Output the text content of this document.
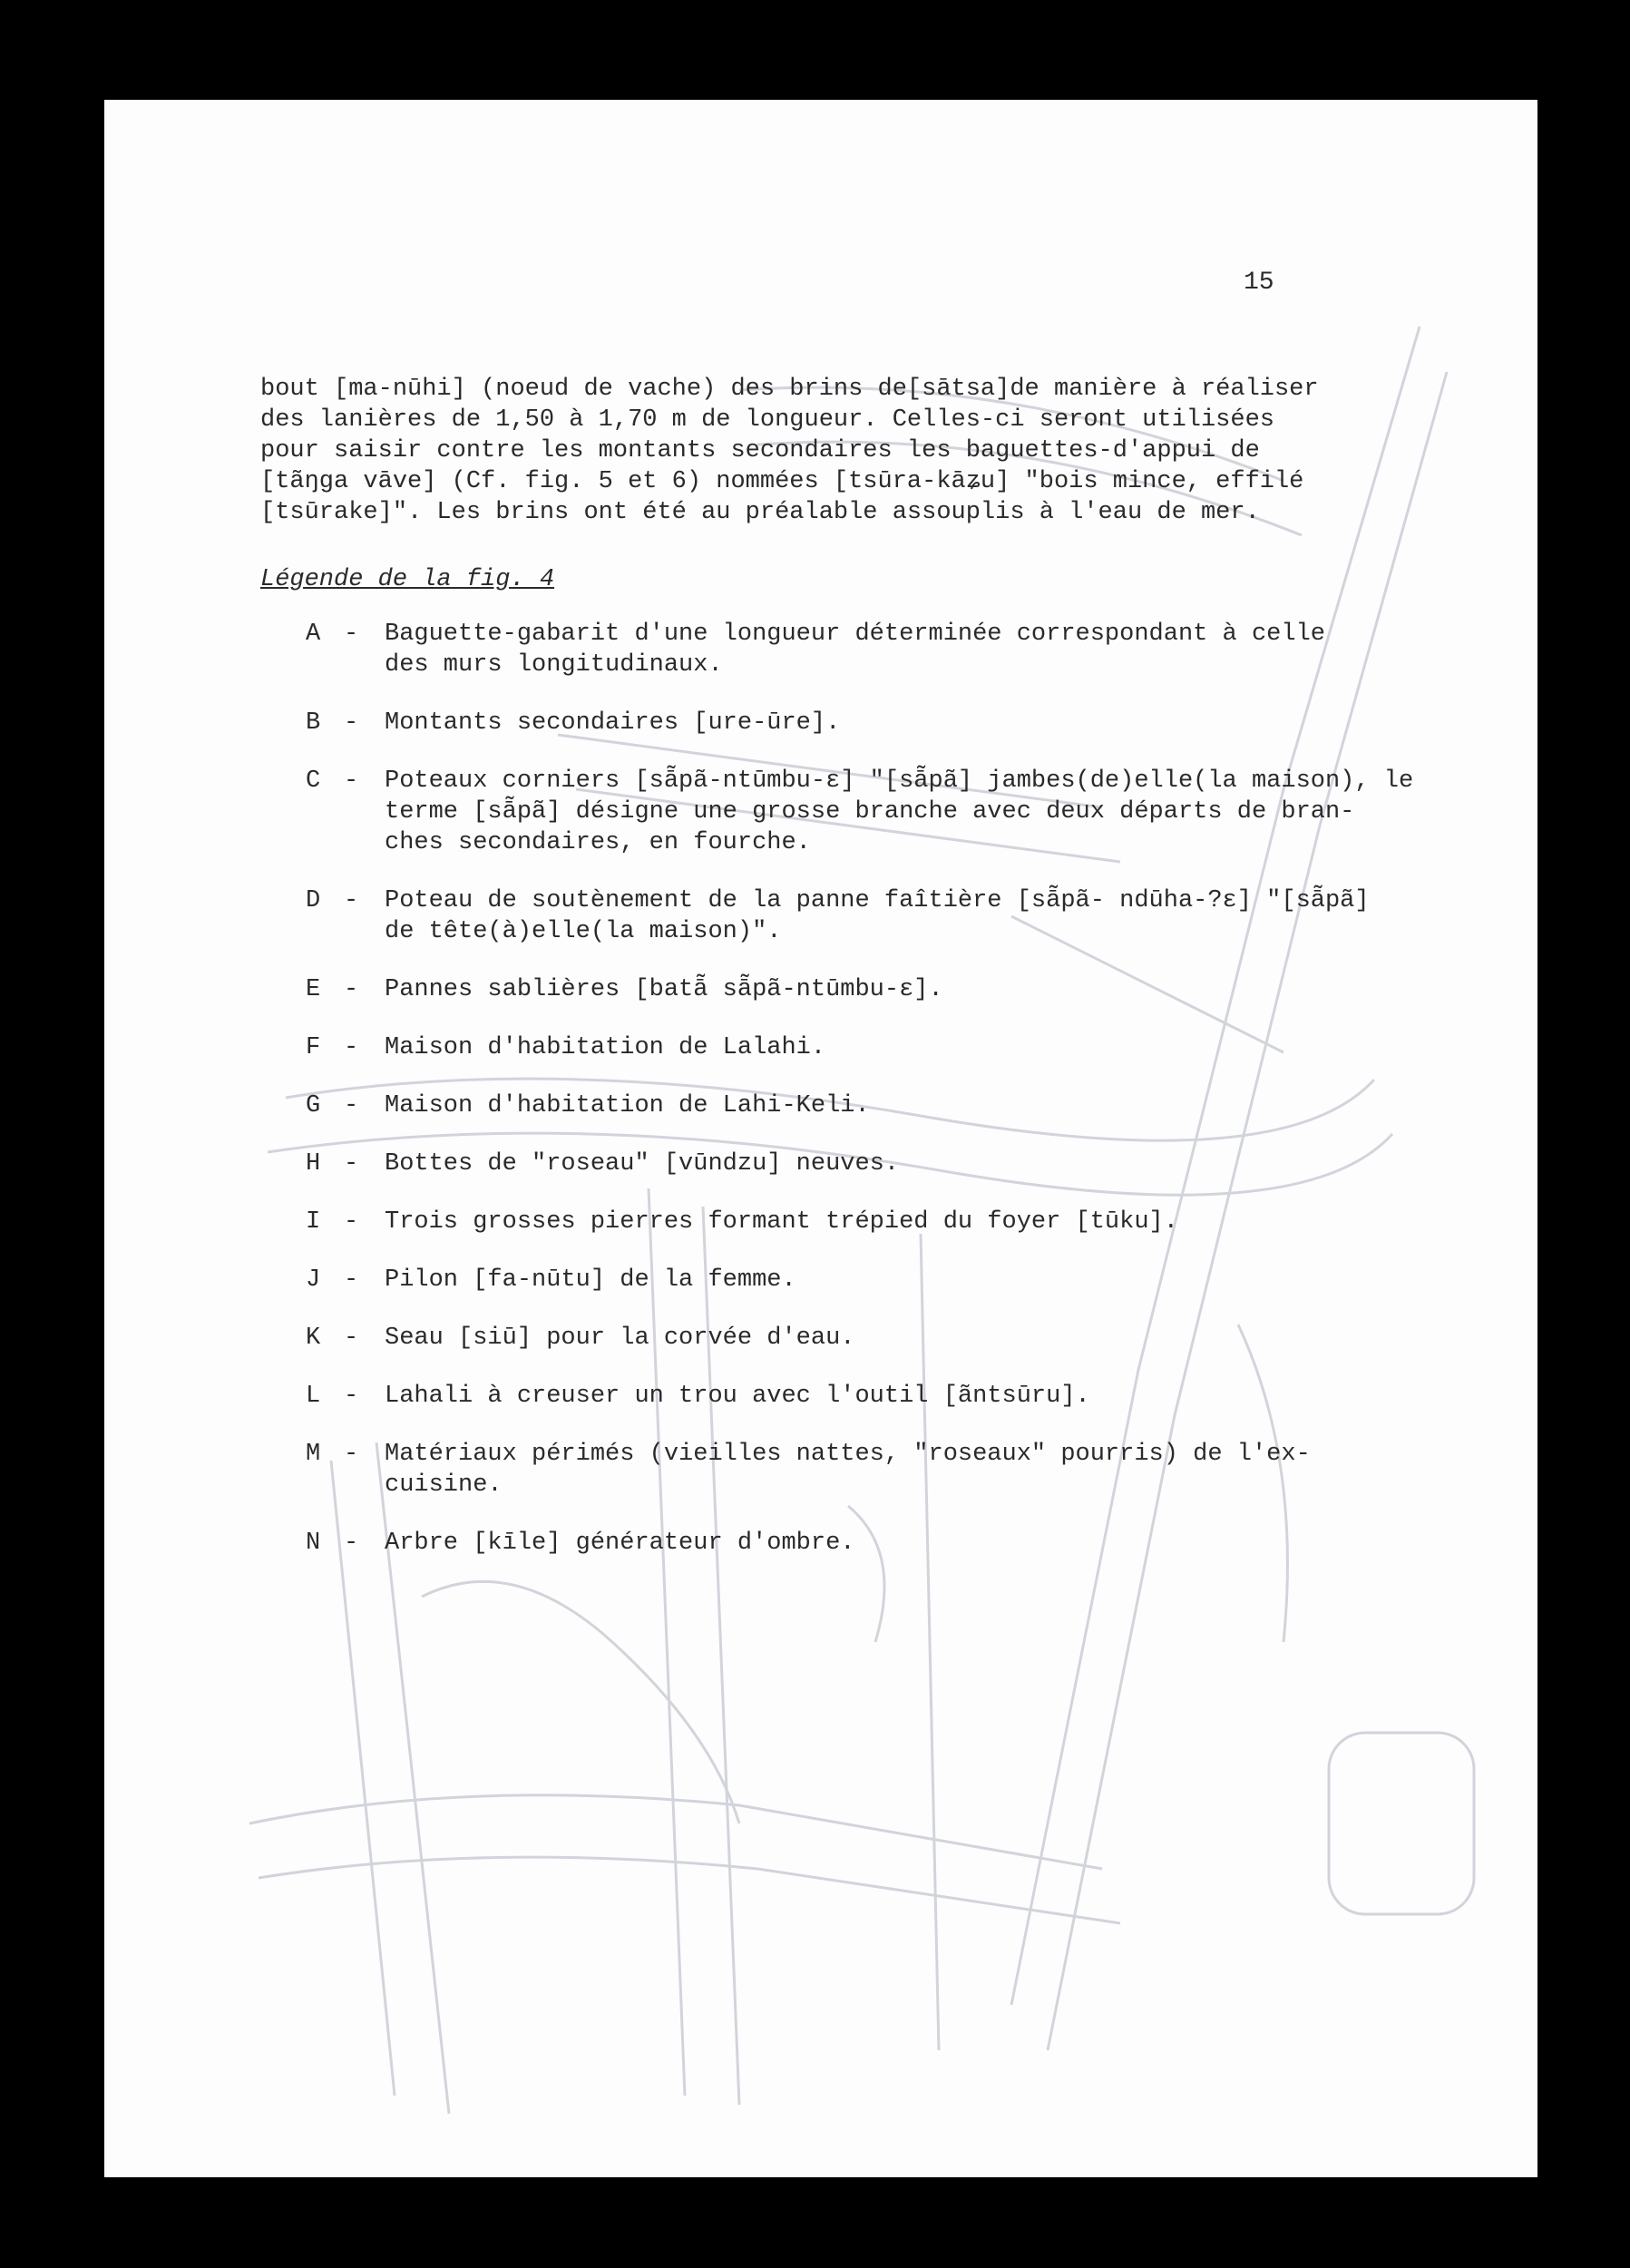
15

bout [ma-nūhi] (noeud de vache) des brins de[sātsa]de manière à réaliser

des lanières de 1,50 à 1,70 m de longueur. Celles-ci seront utilisées

pour saisir contre les montants secondaires les baguettes-d'appui de

[tãŋga vāve] (Cf. fig. 5 et 6) nommées [tsūra-kāʑu] "bois mince, effilé

[tsūrake]". Les brins ont été au préalable assouplis à l'eau de mer.

Légende de la fig. 4
A -	Baguette-gabarit d'une longueur déterminée correspondant à celle
des murs longitudinaux.
B -	Montants secondaires [ure-ūre].
C -	Poteaux corniers [sā̃pã-ntūmbu-ɛ] "[sā̃pã] jambes(de)elle(la maison), le
terme [sā̃pã] désigne une grosse branche avec deux départs de bran-
ches secondaires, en fourche.
D -	Poteau de soutènement de la panne faîtière [sā̃pã- ndūha-?ɛ] "[sā̃pã]
de tête(à)elle(la maison)".
E -	Pannes sablières [batā̃ sā̃pã-ntūmbu-ɛ].
F -	Maison d'habitation de Lalahi.
G -	Maison d'habitation de Lahi-Keli.
H -	Bottes de "roseau" [vūndzu] neuves.
I -	Trois grosses pierres formant trépied du foyer [tūku].
J -	Pilon [fa-nūtu] de la femme.
K -	Seau [siū] pour la corvée d'eau.
L -	Lahali à creuser un trou avec l'outil [ãntsūru].
M -	Matériaux périmés (vieilles nattes, "roseaux" pourris) de l'ex-
cuisine.
N -	Arbre [kīle] générateur d'ombre.
